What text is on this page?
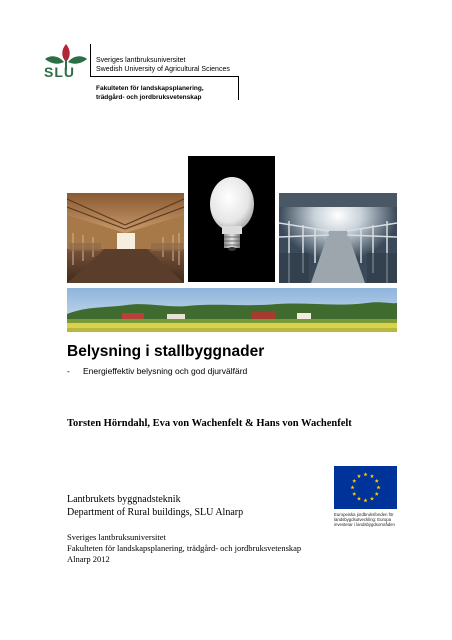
SLU
Sveriges lantbruksuniversitet
Swedish University of Agricultural Sciences
Fakulteten för landskapsplanering,
trädgård- och jordbruksvetenskap
Belysning i stallbyggnader
- Energieffektiv belysning och god djurvälfärd
Torsten Hörndahl, Eva von Wachenfelt & Hans von Wachenfelt
Lantbrukets byggnadsteknik
Department of Rural buildings, SLU Alnarp
Sveriges lantbruksuniversitet
Fakulteten för landskapsplanering, trädgård- och jordbruksvetenskap
Alnarp 2012
Europeiska jordbruksfonden för landsbygdsutveckling: Europa investerar i landsbygdsområden
